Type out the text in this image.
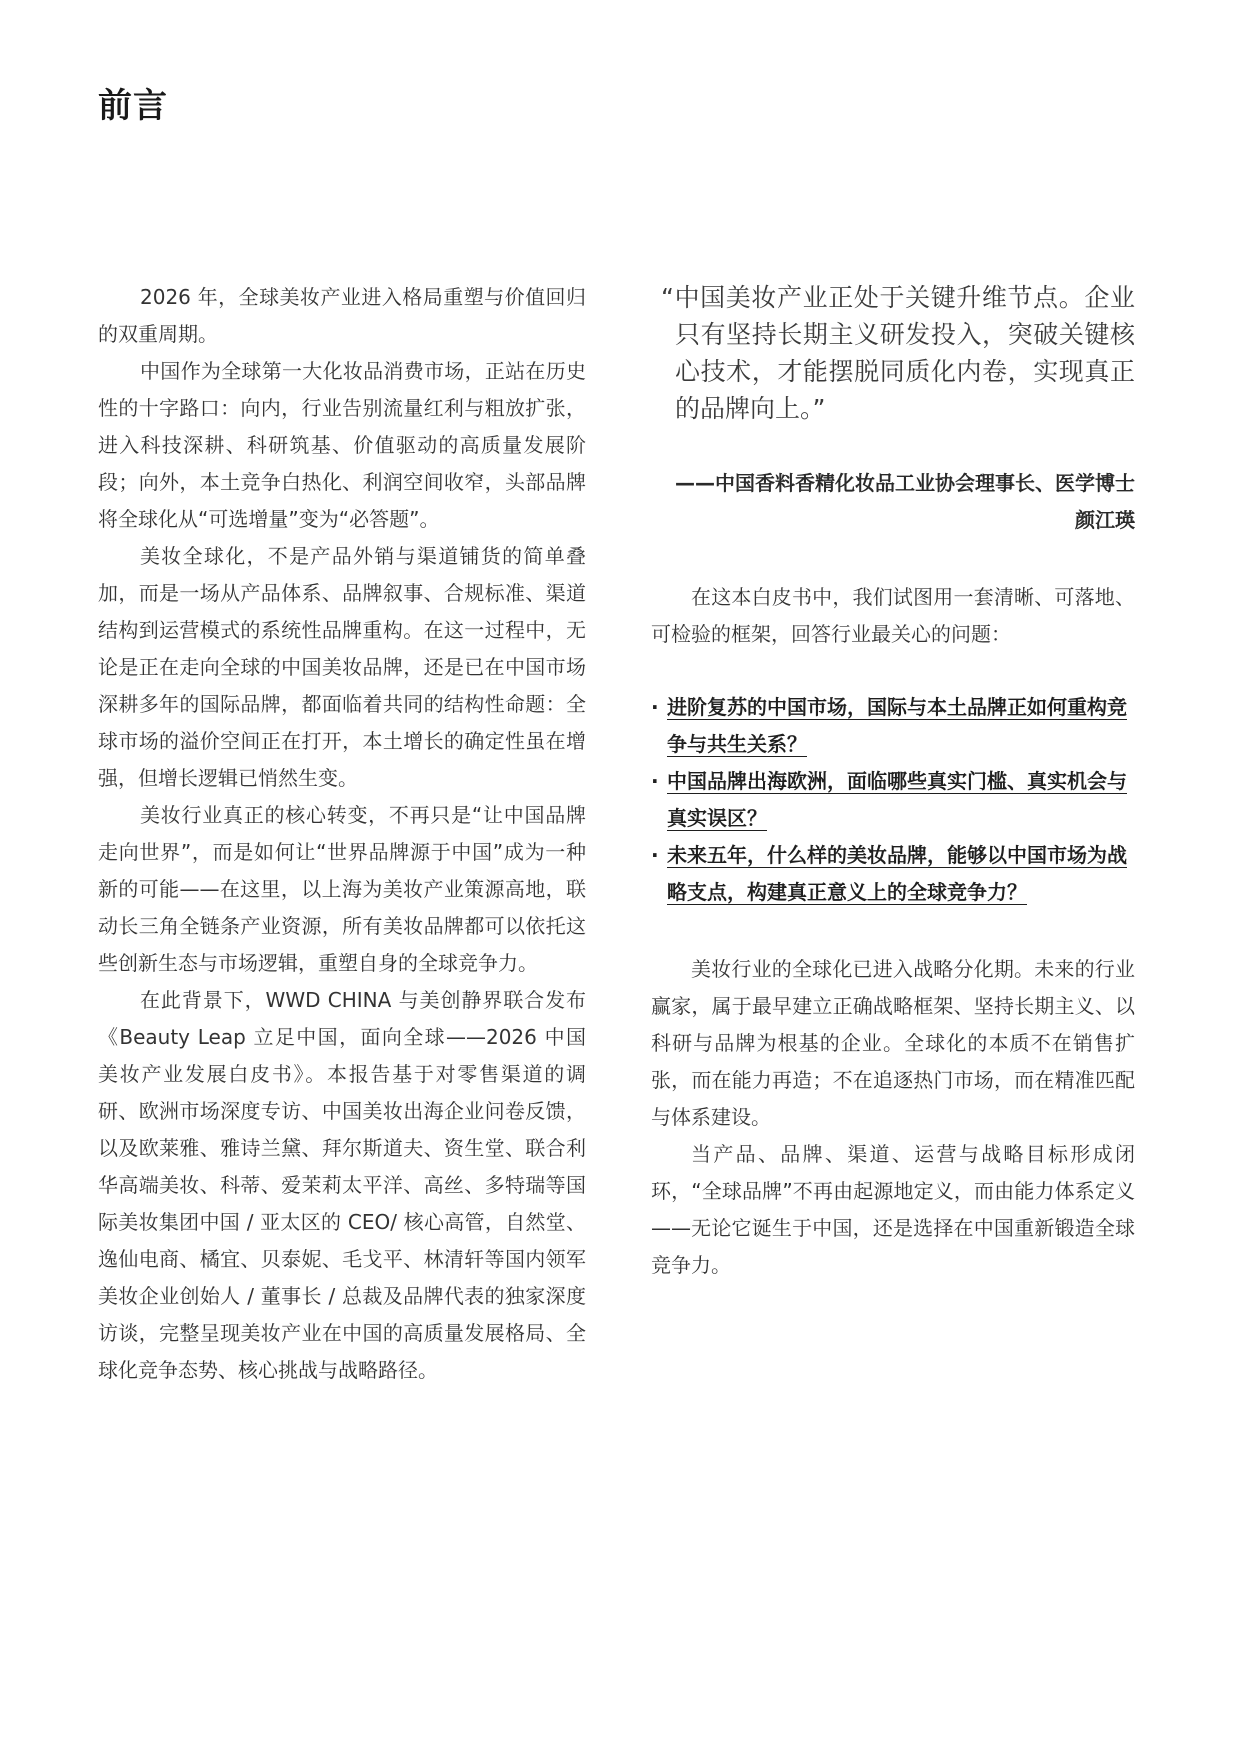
前言

2026 年，全球美妆产业进入格局重塑与价值回归的双重周期。

中国作为全球第一大化妆品消费市场，正站在历史性的十字路口：向内，行业告别流量红利与粗放扩张，进入科技深耕、科研筑基、价值驱动的高质量发展阶段；向外，本土竞争白热化、利润空间收窄，头部品牌将全球化从“可选增量”变为“必答题”。

美妆全球化，不是产品外销与渠道铺货的简单叠加，而是一场从产品体系、品牌叙事、合规标准、渠道结构到运营模式的系统性品牌重构。在这一过程中，无论是正在走向全球的中国美妆品牌，还是已在中国市场深耕多年的国际品牌，都面临着共同的结构性命题：全球市场的溢价空间正在打开，本土增长的确定性虽在增强，但增长逻辑已悄然生变。

美妆行业真正的核心转变，不再只是“让中国品牌走向世界”，而是如何让“世界品牌源于中国”成为一种新的可能——在这里，以上海为美妆产业策源高地，联动长三角全链条产业资源，所有美妆品牌都可以依托这些创新生态与市场逻辑，重塑自身的全球竞争力。

在此背景下，WWD CHINA 与美创静界联合发布《Beauty Leap 立足中国，面向全球——2026 中国美妆产业发展白皮书》。本报告基于对零售渠道的调研、欧洲市场深度专访、中国美妆出海企业问卷反馈，以及欧莱雅、雅诗兰黛、拜尔斯道夫、资生堂、联合利华高端美妆、科蒂、爱茉莉太平洋、高丝、多特瑞等国际美妆集团中国 / 亚太区的 CEO/ 核心高管，自然堂、逸仙电商、橘宜、贝泰妮、毛戈平、林清轩等国内领军美妆企业创始人 / 董事长 / 总裁及品牌代表的独家深度访谈，完整呈现美妆产业在中国的高质量发展格局、全球化竞争态势、核心挑战与战略路径。

“中国美妆产业正处于关键升维节点。企业只有坚持长期主义研发投入，突破关键核心技术，才能摆脱同质化内卷，实现真正的品牌向上。”

——中国香料香精化妆品工业协会理事长、医学博士
颜江瑛

在这本白皮书中，我们试图用一套清晰、可落地、可检验的框架，回答行业最关心的问题：

· 进阶复苏的中国市场，国际与本土品牌正如何重构竞争与共生关系？
· 中国品牌出海欧洲，面临哪些真实门槛、真实机会与真实误区？
· 未来五年，什么样的美妆品牌，能够以中国市场为战略支点，构建真正意义上的全球竞争力？

美妆行业的全球化已进入战略分化期。未来的行业赢家，属于最早建立正确战略框架、坚持长期主义、以科研与品牌为根基的企业。全球化的本质不在销售扩张，而在能力再造；不在追逐热门市场，而在精准匹配与体系建设。

当产品、品牌、渠道、运营与战略目标形成闭环，“全球品牌”不再由起源地定义，而由能力体系定义——无论它诞生于中国，还是选择在中国重新锻造全球竞争力。
